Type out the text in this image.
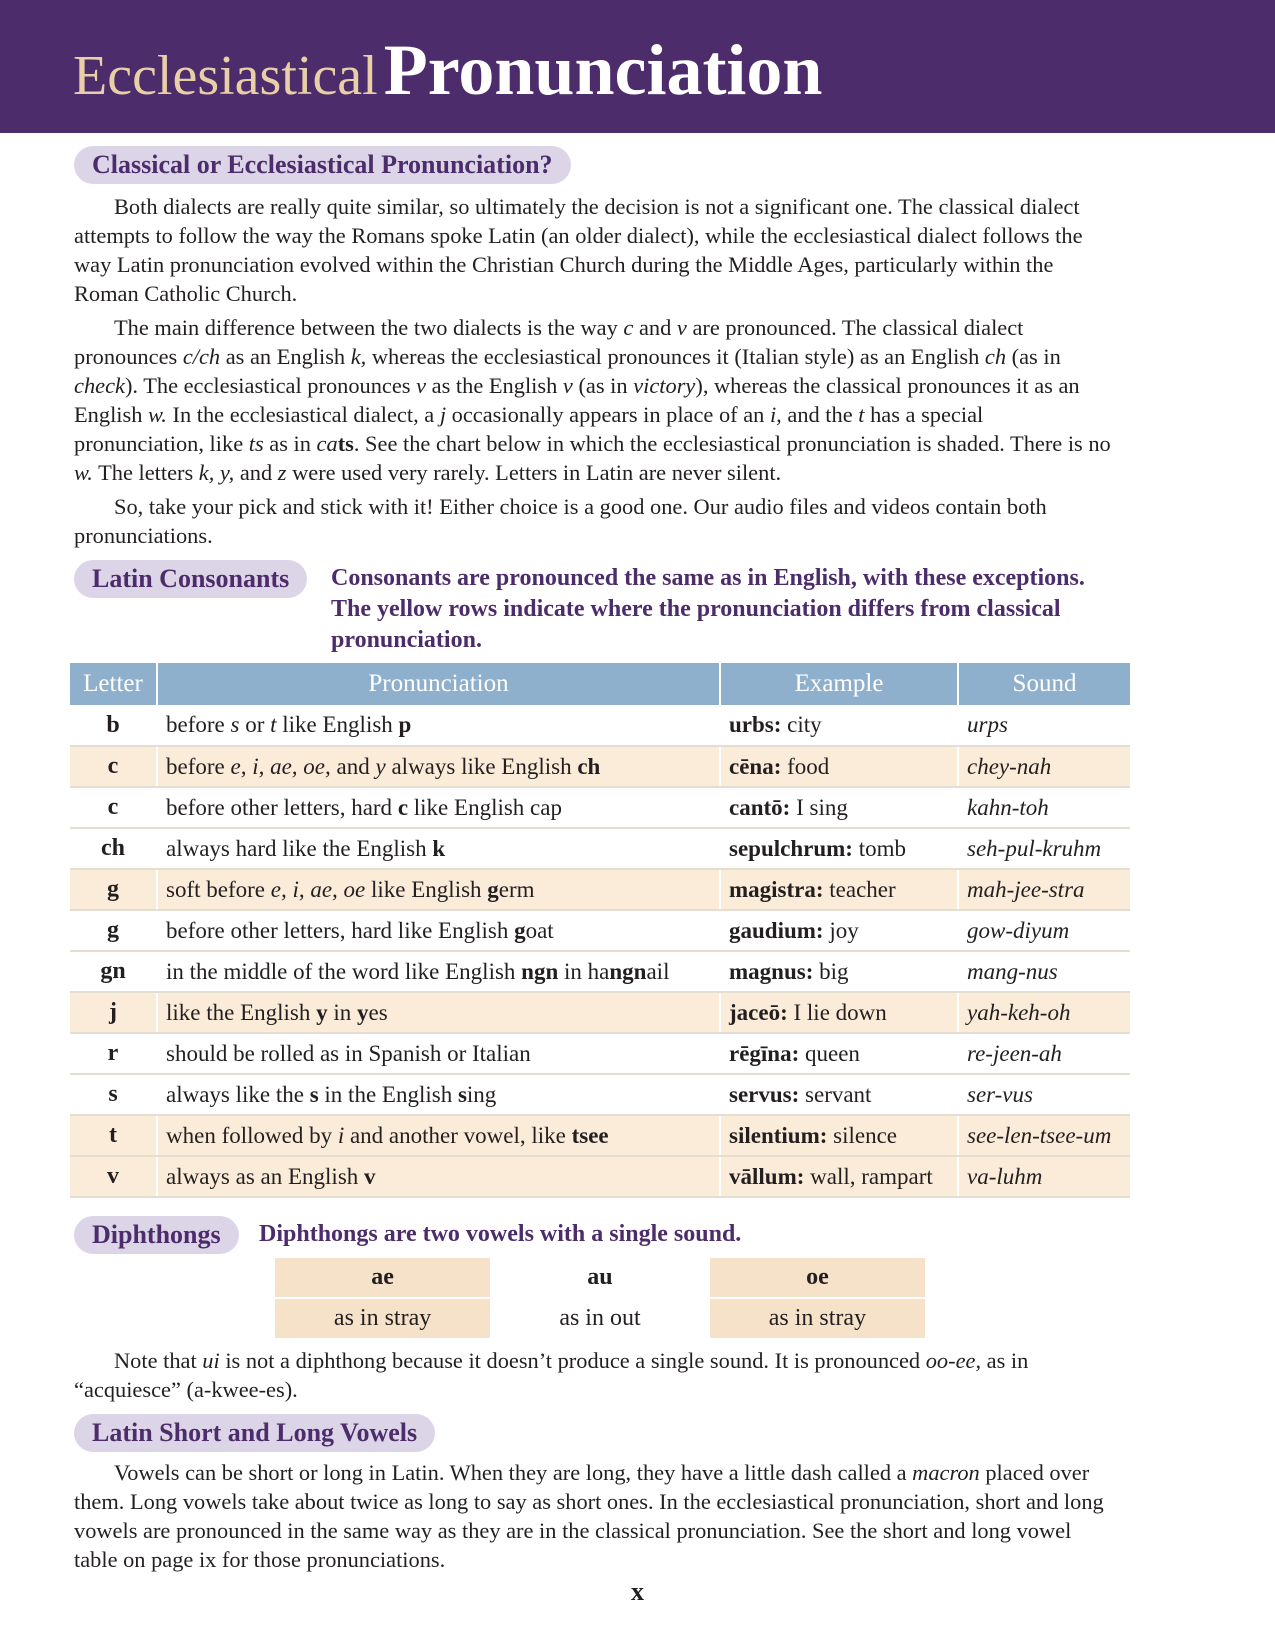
EcclesiasticalPronunciation
Classical or Ecclesiastical Pronunciation?

Both dialects are really quite similar, so ultimately the decision is not a significant one. The classical dialect attempts to follow the way the Romans spoke Latin (an older dialect), while the ecclesiastical dialect follows the way Latin pronunciation evolved within the Christian Church during the Middle Ages, particularly within the Roman Catholic Church.

The main difference between the two dialects is the way c and v are pronounced. The classical dialect pronounces c/ch as an English k, whereas the ecclesiastical pronounces it (Italian style) as an English ch (as in check). The ecclesiastical pronounces v as the English v (as in victory), whereas the classical pronounces it as an English w. In the ecclesiastical dialect, a j occasionally appears in place of an i, and the t has a special pronunciation, like ts as in cats. See the chart below in which the ecclesiastical pronunciation is shaded. There is no w. The letters k, y, and z were used very rarely. Letters in Latin are never silent.

So, take your pick and stick with it! Either choice is a good one. Our audio files and videos contain both pronunciations.

Latin Consonants	Consonants are pronounced the same as in English, with these exceptions. The yellow rows indicate where the pronunciation differs from classical pronunciation.

Letter	Pronunciation	Example	Sound
b	before s or t like English p	urbs: city	urps
c	before e, i, ae, oe, and y always like English ch	cēna: food	chey-nah
c	before other letters, hard c like English cap	cantō: I sing	kahn-toh
ch	always hard like the English k	sepulchrum: tomb	seh-pul-kruhm
g	soft before e, i, ae, oe like English germ	magistra: teacher	mah-jee-stra
g	before other letters, hard like English goat	gaudium: joy	gow-diyum
gn	in the middle of the word like English ngn in hangnail	magnus: big	mang-nus
j	like the English y in yes	jaceō: I lie down	yah-keh-oh
r	should be rolled as in Spanish or Italian	rēgīna: queen	re-jeen-ah
s	always like the s in the English sing	servus: servant	ser-vus
t	when followed by i and another vowel, like tsee	silentium: silence	see-len-tsee-um
v	always as an English v	vāllum: wall, rampart	va-luhm
Diphthongs	Diphthongs are two vowels with a single sound.

ae	au	oe
as in stray	as in out	as in stray

Note that ui is not a diphthong because it doesn’t produce a single sound. It is pronounced oo-ee, as in “acquiesce” (a-kwee-es).

Latin Short and Long Vowels

Vowels can be short or long in Latin. When they are long, they have a little dash called a macron placed over them. Long vowels take about twice as long to say as short ones. In the ecclesiastical pronunciation, short and long vowels are pronounced in the same way as they are in the classical pronunciation. See the short and long vowel table on page ix for those pronunciations.

x
